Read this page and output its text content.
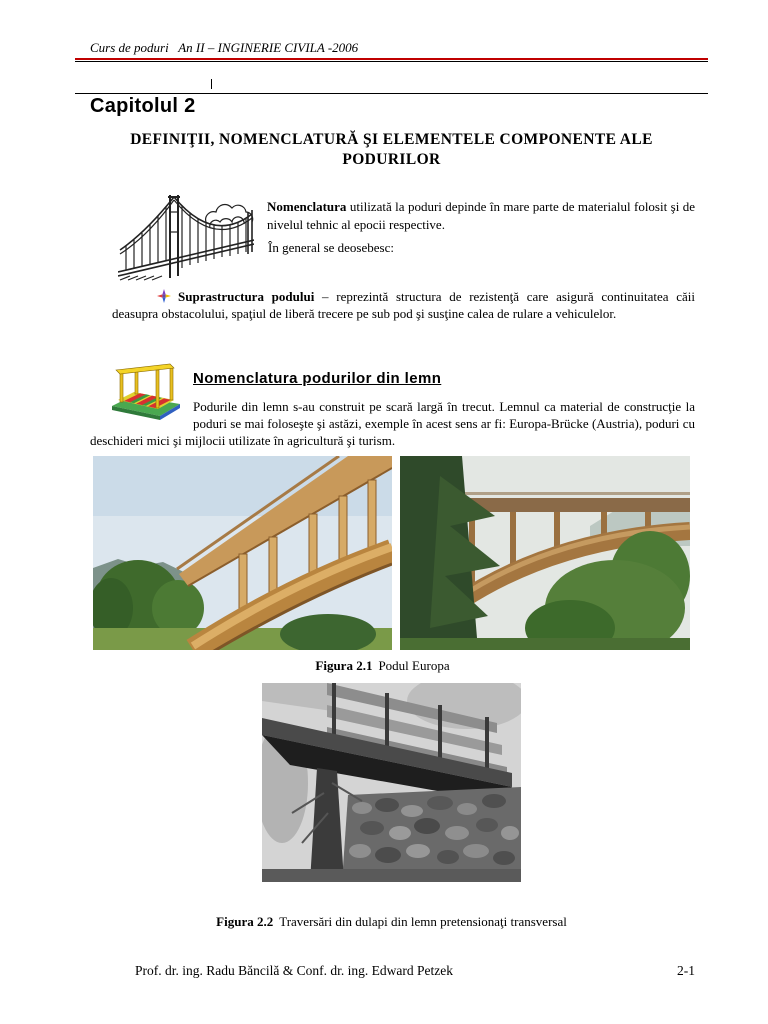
Curs de poduri   An II – INGINERIE CIVILA -2006
Capitolul 2
DEFINIŢII, NOMENCLATURĂ ŞI ELEMENTELE COMPONENTE ALE
PODURILOR

Nomenclatura utilizată la poduri depinde în mare parte de materialul folosit şi de nivelul tehnic al epocii respective.

În general se deosebesc:

Suprastructura podului – reprezintă structura de rezistenţă care asigură continuitatea căii deasupra obstacolului, spaţiul de liberă trecere pe sub pod şi susţine calea de rulare a vehiculelor.

Nomenclatura podurilor din lemn

Podurile din lemn s-au construit pe scară largă în trecut. Lemnul ca material de construcţie la poduri se mai foloseşte şi astăzi, exemple în acest sens ar fi: Europa-Brücke (Austria), poduri cu deschideri mici şi mijlocii utilizate în agricultură şi turism.

Figura 2.1 Podul Europa
Figura 2.2 Traversări din dulapi din lemn pretensionaţi transversal
Prof. dr. ing. Radu Băncilă & Conf. dr. ing. Edward Petzek	2-1
